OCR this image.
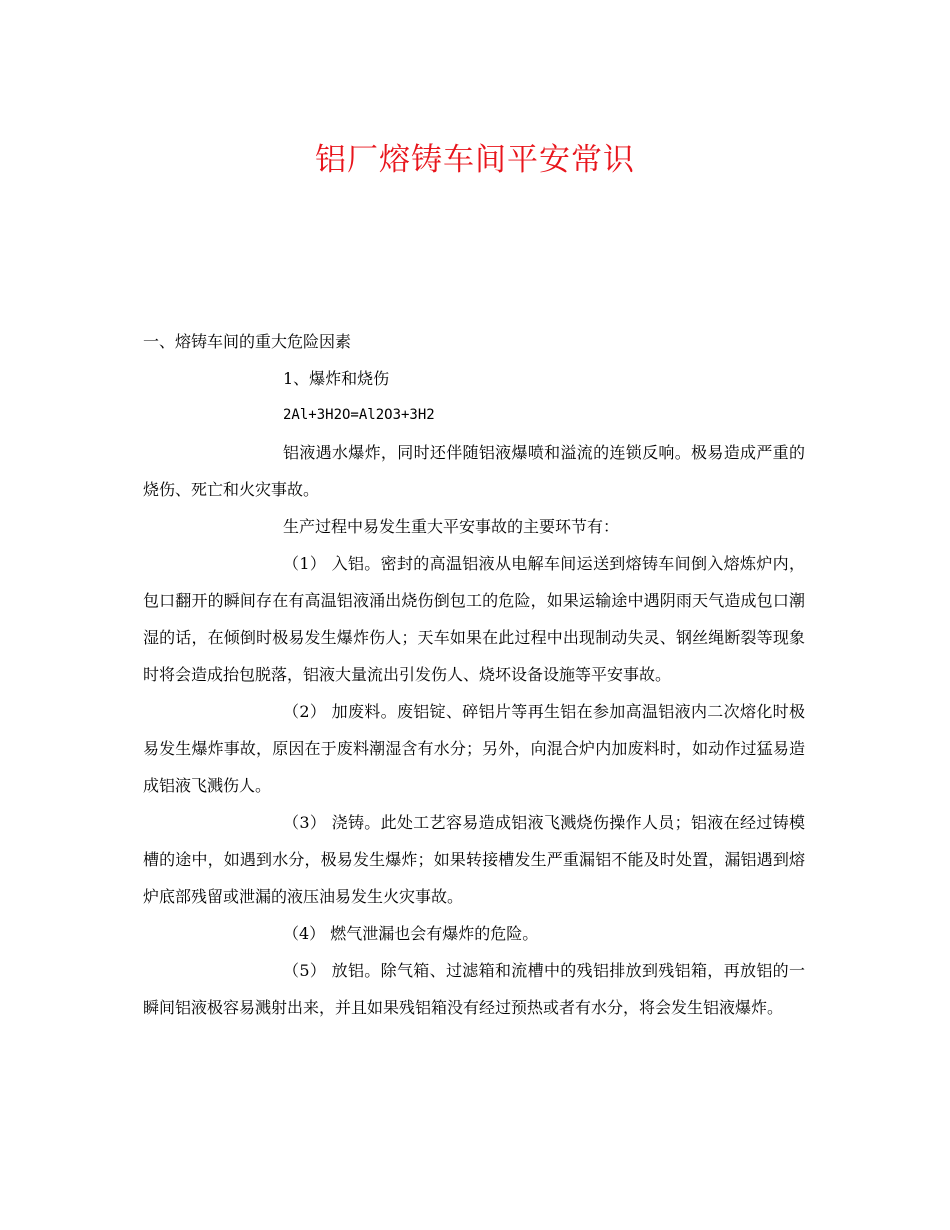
铝厂熔铸车间平安常识

一、熔铸车间的重大危险因素

1、爆炸和烧伤

2Al+3H2O=Al2O3+3H2

铝液遇水爆炸，同时还伴随铝液爆喷和溢流的连锁反响。极易造成严重的烧伤、死亡和火灾事故。

生产过程中易发生重大平安事故的主要环节有：

（1） 入铝。密封的高温铝液从电解车间运送到熔铸车间倒入熔炼炉内，包口翻开的瞬间存在有高温铝液涌出烧伤倒包工的危险，如果运输途中遇阴雨天气造成包口潮湿的话，在倾倒时极易发生爆炸伤人；天车如果在此过程中出现制动失灵、钢丝绳断裂等现象时将会造成抬包脱落，铝液大量流出引发伤人、烧坏设备设施等平安事故。

（2） 加废料。废铝锭、碎铝片等再生铝在参加高温铝液内二次熔化时极易发生爆炸事故，原因在于废料潮湿含有水分；另外，向混合炉内加废料时，如动作过猛易造成铝液飞溅伤人。

（3） 浇铸。此处工艺容易造成铝液飞溅烧伤操作人员；铝液在经过铸模槽的途中，如遇到水分，极易发生爆炸；如果转接槽发生严重漏铝不能及时处置，漏铝遇到熔炉底部残留或泄漏的液压油易发生火灾事故。

（4） 燃气泄漏也会有爆炸的危险。

（5） 放铝。除气箱、过滤箱和流槽中的残铝排放到残铝箱，再放铝的一瞬间铝液极容易溅射出来，并且如果残铝箱没有经过预热或者有水分，将会发生铝液爆炸。
